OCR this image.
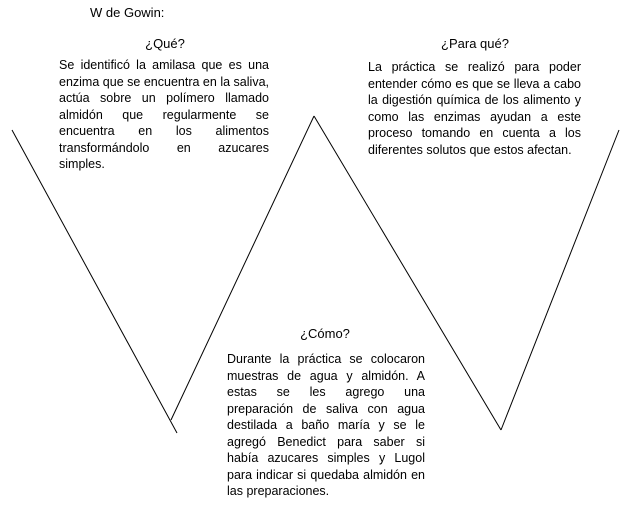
W de Gowin:
¿Qué?
Se identificó la amilasa que es una enzima que se encuentra en la saliva, actúa sobre un polímero llamado almidón que regularmente se encuentra en los alimentos transformándolo en azucares simples.
¿Para qué?
La práctica se realizó para poder entender cómo es que se lleva a cabo la digestión química de los alimento y como las enzimas ayudan a este proceso tomando en cuenta a los diferentes solutos que estos afectan.
¿Cómo?
Durante la práctica se colocaron muestras de agua y almidón. A estas se les agrego una preparación de saliva con agua destilada a baño maría y se le agregó Benedict para saber si había azucares simples y Lugol para indicar si quedaba almidón en las preparaciones.
